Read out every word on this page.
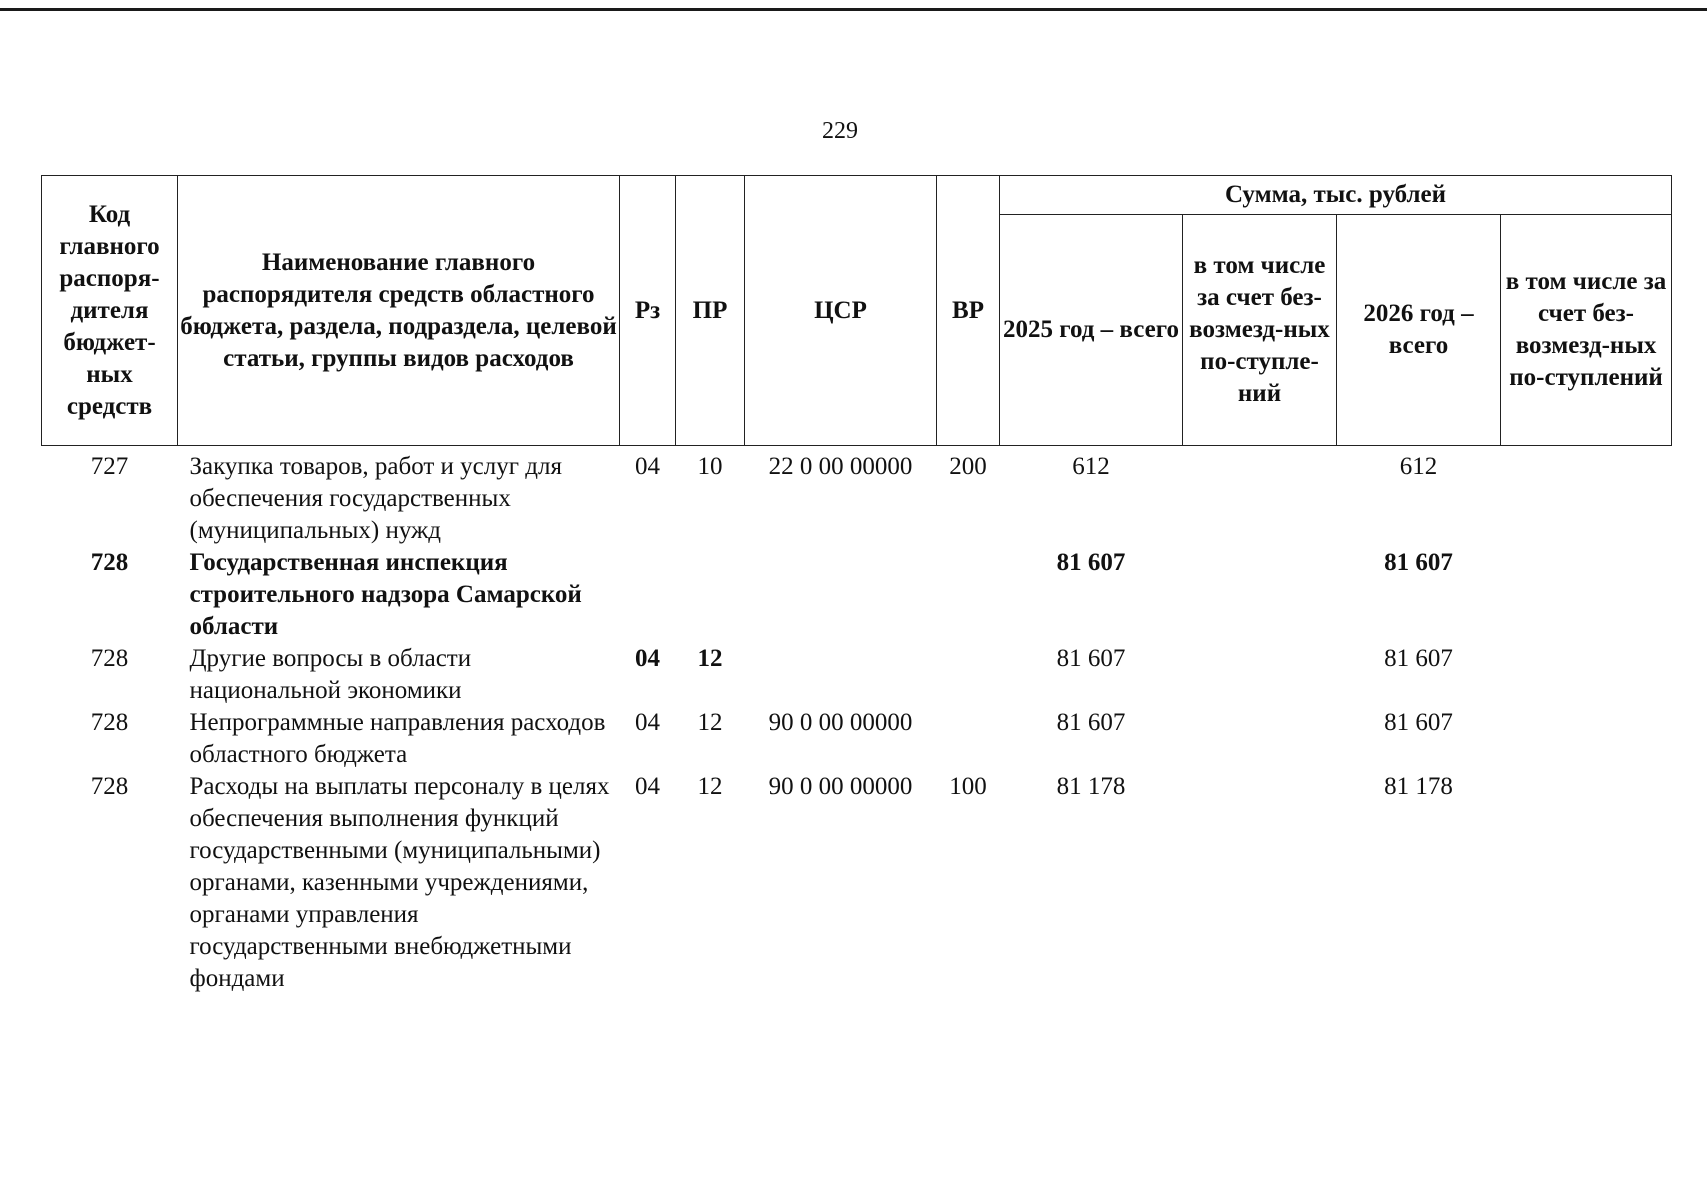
229
Код главного распоря-дителя бюджет-ных средств	Наименование главного распорядителя средств областного бюджета, раздела, подраздела, целевой статьи, группы видов расходов	Рз	ПР	ЦСР	ВР	Сумма, тыс. рублей			
						2025 год – всего	в том числе за счет без-возмезд-ных по-ступле-ний	2026 год – всего	в том числе за счет без-возмезд-ных по-ступлений
727	Закупка товаров, работ и услуг для обеспечения государственных (муниципальных) нужд	04	10	22 0 00 00000	200	612		612	
728	Государственная инспекция строительного надзора Самарской области					81 607		81 607	
728	Другие вопросы в области национальной экономики	04	12			81 607		81 607	
728	Непрограммные направления расходов областного бюджета	04	12	90 0 00 00000		81 607		81 607	
728	Расходы на выплаты персоналу в целях обеспечения выполнения функций государственными (муниципальными) органами, казенными учреждениями, органами управления государственными внебюджетными фондами	04	12	90 0 00 00000	100	81 178		81 178	
